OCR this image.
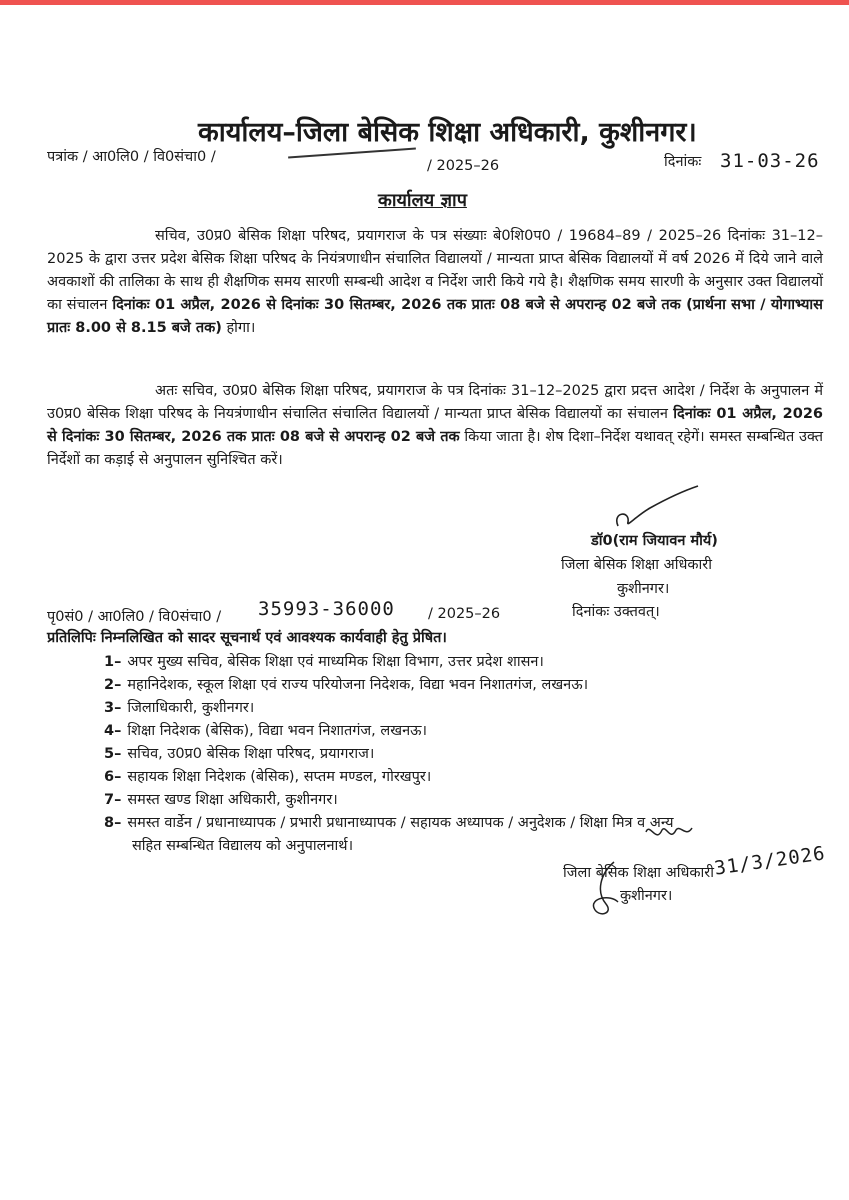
कार्यालय–जिला बेसिक शिक्षा अधिकारी, कुशीनगर।
पत्रांक / आ0लि0 / वि0संचा0 /
/ 2025–26	दिनांकः 31-03-26
कार्यालय ज्ञाप

सचिव, उ0प्र0 बेसिक शिक्षा परिषद, प्रयागराज के पत्र संख्याः बे0शि0प0 / 19684–89 / 2025–26 दिनांकः 31–12–2025 के द्वारा उत्तर प्रदेश बेसिक शिक्षा परिषद के नियंत्रणाधीन संचालित विद्यालयों / मान्यता प्राप्त बेसिक विद्यालयों में वर्ष 2026 में दिये जाने वाले अवकाशों की तालिका के साथ ही शैक्षणिक समय सारणी सम्बन्धी आदेश व निर्देश जारी किये गये है। शैक्षणिक समय सारणी के अनुसार उक्त विद्यालयों का संचालन दिनांकः 01 अप्रैल, 2026 से दिनांकः 30 सितम्बर, 2026 तक प्रातः 08 बजे से अपरान्ह 02 बजे तक (प्रार्थना सभा / योगाभ्यास प्रातः 8.00 से 8.15 बजे तक) होगा।

अतः सचिव, उ0प्र0 बेसिक शिक्षा परिषद, प्रयागराज के पत्र दिनांकः 31–12–2025 द्वारा प्रदत्त आदेश / निर्देश के अनुपालन में उ0प्र0 बेसिक शिक्षा परिषद के नियत्रंणाधीन संचालित संचालित विद्यालयों / मान्यता प्राप्त बेसिक विद्यालयों का संचालन दिनांकः 01 अप्रैल, 2026 से दिनांकः 30 सितम्बर, 2026 तक प्रातः 08 बजे से अपरान्ह 02 बजे तक किया जाता है। शेष दिशा–निर्देश यथावत् रहेगें। समस्त सम्बन्धित उक्त निर्देशों का कड़ाई से अनुपालन सुनिश्चित करें।

डॉ0(राम जियावन मौर्य)
जिला बेसिक शिक्षा अधिकारी
कुशीनगर।
दिनांकः उक्तवत्।
पृ0सं0 / आ0लि0 / वि0संचा0 / 35993-36000 / 2025–26
प्रतिलिपिः निम्नलिखित को सादर सूचनार्थ एवं आवश्यक कार्यवाही हेतु प्रेषित।
1– अपर मुख्य सचिव, बेसिक शिक्षा एवं माध्यमिक शिक्षा विभाग, उत्तर प्रदेश शासन।
2– महानिदेशक, स्कूल शिक्षा एवं राज्य परियोजना निदेशक, विद्या भवन निशातगंज, लखनऊ।
3– जिलाधिकारी, कुशीनगर।
4– शिक्षा निदेशक (बेसिक), विद्या भवन निशातगंज, लखनऊ।
5– सचिव, उ0प्र0 बेसिक शिक्षा परिषद, प्रयागराज।
6– सहायक शिक्षा निदेशक (बेसिक), सप्तम मण्डल, गोरखपुर।
7– समस्त खण्ड शिक्षा अधिकारी, कुशीनगर।
8– समस्त वार्डेन / प्रधानाध्यापक / प्रभारी प्रधानाध्यापक / सहायक अध्यापक / अनुदेशक / शिक्षा मित्र व अन्य
सहित सम्बन्धित विद्यालय को अनुपालनार्थ।
जिला बेसिक शिक्षा अधिकारी
कुशीनगर।
31/3/2026
